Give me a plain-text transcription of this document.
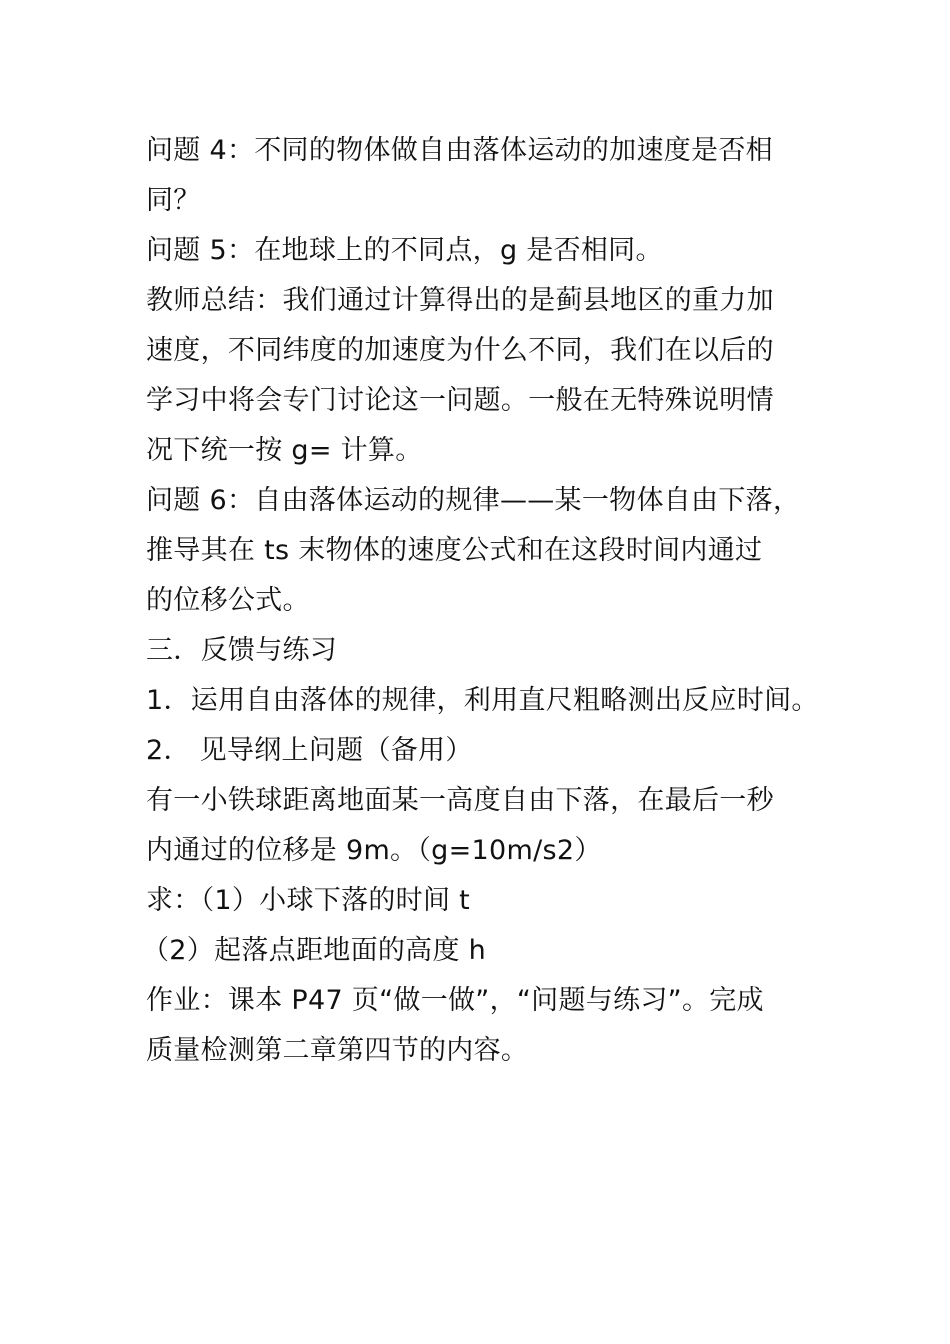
问题 4：不同的物体做自由落体运动的加速度是否相
同？
问题 5：在地球上的不同点，g 是否相同。
教师总结：我们通过计算得出的是蓟县地区的重力加
速度，不同纬度的加速度为什么不同，我们在以后的
学习中将会专门讨论这一问题。一般在无特殊说明情
况下统一按 g= 计算。
问题 6：自由落体运动的规律——某一物体自由下落，
推导其在 ts 末物体的速度公式和在这段时间内通过
的位移公式。
三．反馈与练习
1．运用自由落体的规律，利用直尺粗略测出反应时间。
2． 见导纲上问题（备用）
有一小铁球距离地面某一高度自由下落，在最后一秒
内通过的位移是 9m。（g=10m/s2）
求：（1）小球下落的时间 t
（2）起落点距地面的高度 h
作业：课本 P47 页“做一做”，“问题与练习”。完成
质量检测第二章第四节的内容。
